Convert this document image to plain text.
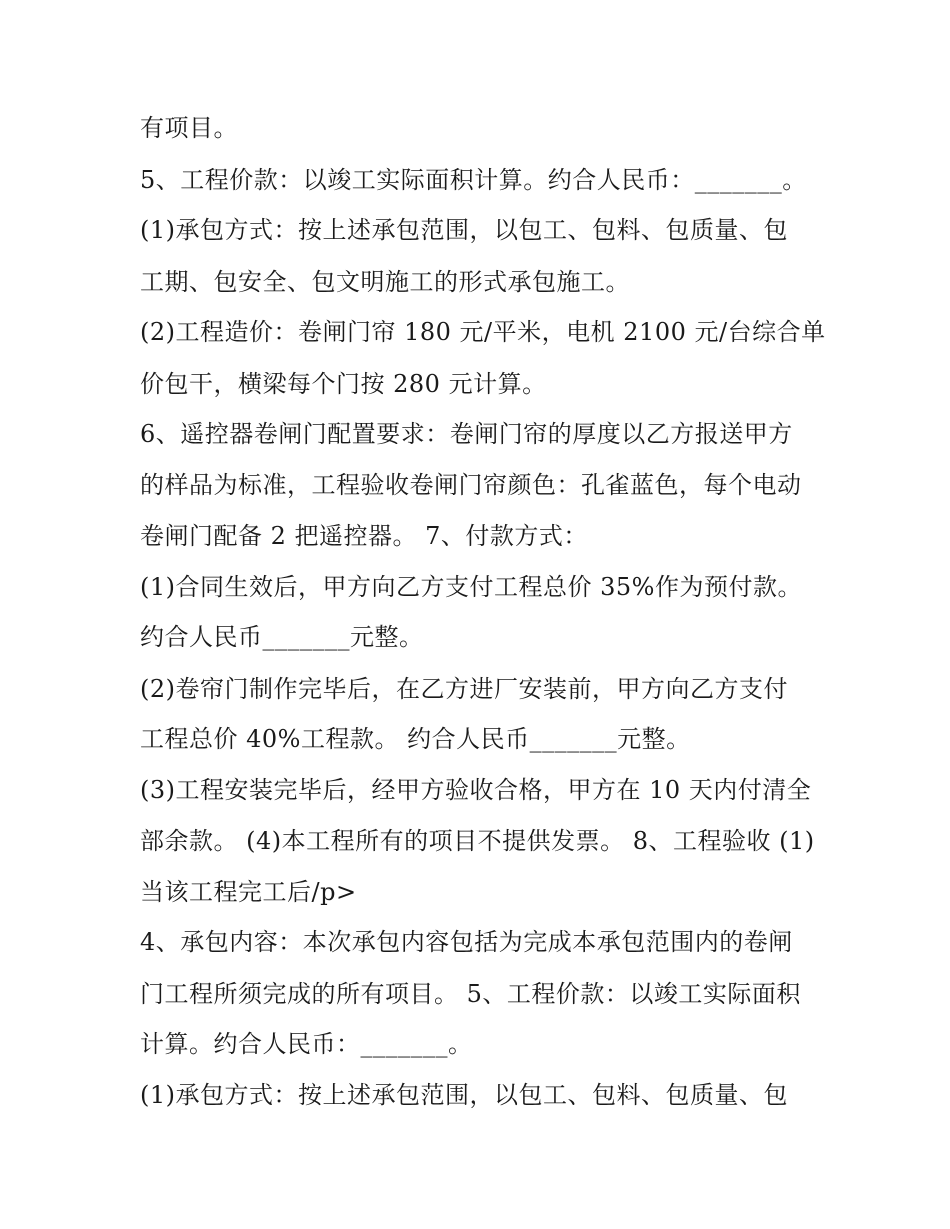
有项目。
5、工程价款：以竣工实际面积计算。约合人民币：_______。
(1)承包方式：按上述承包范围，以包工、包料、包质量、包
工期、包安全、包文明施工的形式承包施工。
(2)工程造价：卷闸门帘 180 元/平米，电机 2100 元/台综合单
价包干，横梁每个门按 280 元计算。
6、遥控器卷闸门配置要求：卷闸门帘的厚度以乙方报送甲方
的样品为标准，工程验收卷闸门帘颜色：孔雀蓝色，每个电动
卷闸门配备 2 把遥控器。 7、付款方式：
(1)合同生效后，甲方向乙方支付工程总价 35%作为预付款。
约合人民币_______元整。
(2)卷帘门制作完毕后，在乙方进厂安装前，甲方向乙方支付
工程总价 40%工程款。 约合人民币_______元整。
(3)工程安装完毕后，经甲方验收合格，甲方在 10 天内付清全
部余款。 (4)本工程所有的项目不提供发票。 8、工程验收 (1)
当该工程完工后/p>
4、承包内容：本次承包内容包括为完成本承包范围内的卷闸
门工程所须完成的所有项目。 5、工程价款：以竣工实际面积
计算。约合人民币：_______。
(1)承包方式：按上述承包范围，以包工、包料、包质量、包
